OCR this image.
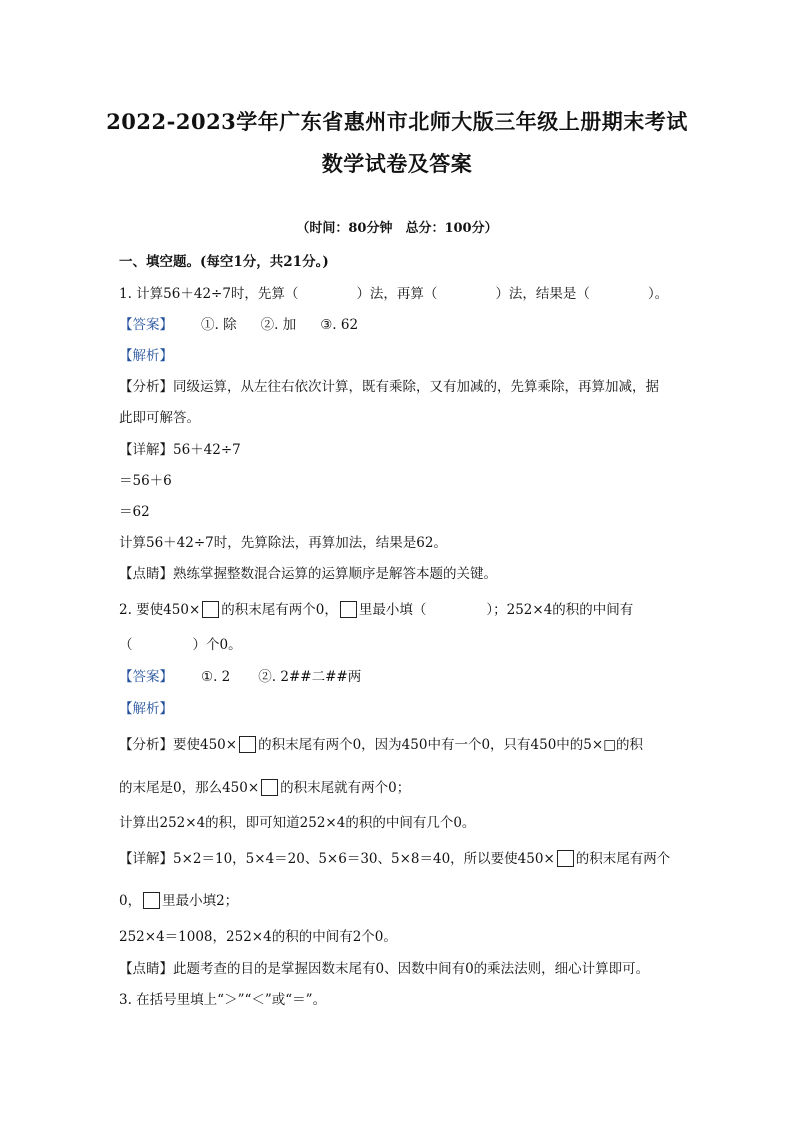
2022-2023学年广东省惠州市北师大版三年级上册期末考试
数学试卷及答案
（时间：80分钟　总分：100分）
一、填空题。(每空1分，共21分。)
1. 计算56＋42÷7时，先算（	）法，再算（	）法，结果是（	）。
【答案】 ①. 除 ②. 加 ③. 62
【解析】
【分析】同级运算，从左往右依次计算，既有乘除，又有加减的，先算乘除，再算加减，据
此即可解答。
【详解】56＋42÷7
＝56＋6
＝62
计算56＋42÷7时，先算除法，再算加法，结果是62。
【点睛】熟练掌握整数混合运算的运算顺序是解答本题的关键。
2. 要使450× 的积末尾有两个0， 里最小填（	）；252×4的积的中间有
（	）个0。
【答案】 ①. 2 ②. 2##二##两
【解析】
【分析】要使450× 的积末尾有两个0，因为450中有一个0，只有450中的5×□的积
的末尾是0，那么450× 的积末尾就有两个0；
计算出252×4的积，即可知道252×4的积的中间有几个0。
【详解】5×2＝10，5×4＝20、5×6＝30、5×8＝40，所以要使450× 的积末尾有两个
0， 里最小填2；
252×4＝1008，252×4的积的中间有2个0。
【点睛】此题考查的目的是掌握因数末尾有0、因数中间有0的乘法法则，细心计算即可。
3. 在括号里填上“＞”“＜”或“＝”。
